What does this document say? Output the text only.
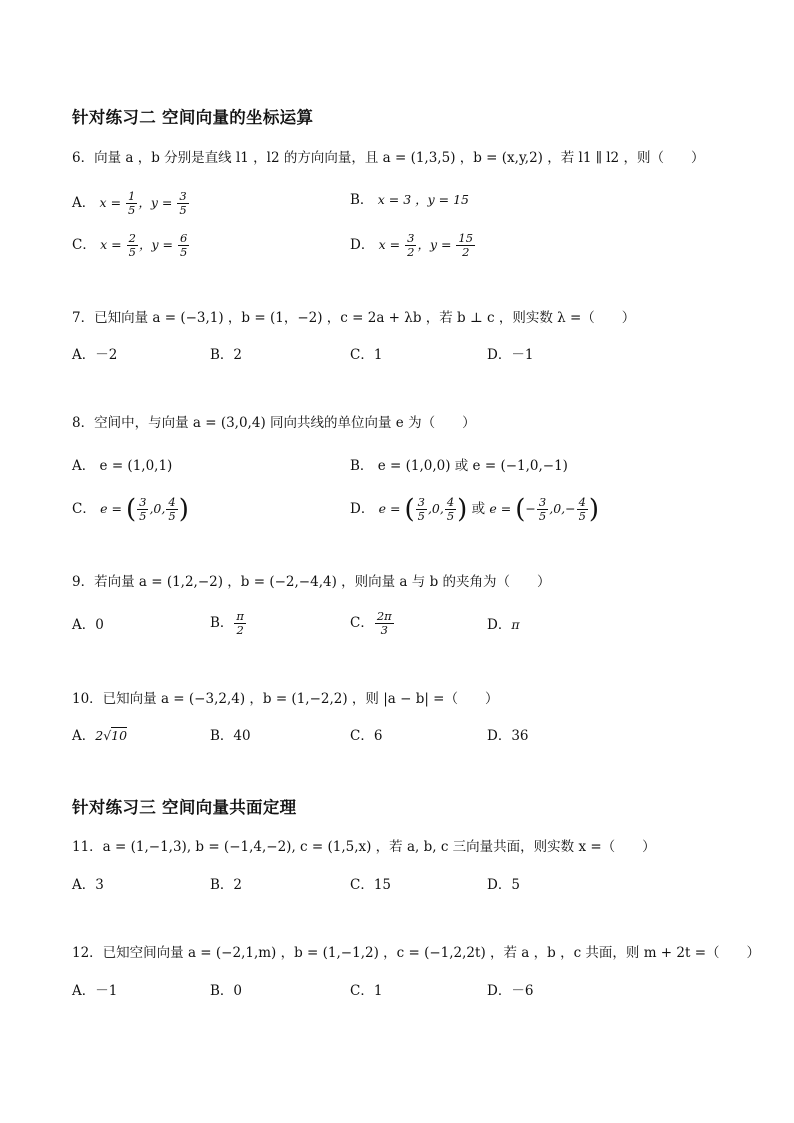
针对练习二 空间向量的坐标运算
6．向量 a ，b 分别是直线 l1 ，l2 的方向向量，且 a = (1,3,5) ，b = (x,y,2) ，若 l1 ∥ l2 ，则（　　）
A． $x = \frac{1}{5}$ ，$y = \frac{3}{5}$	B． x = 3 ，y = 15
C． $x = \frac{2}{5}$ ，$y = \frac{6}{5}$	D． $x = \frac{3}{2}$ ，$y = \frac{15}{2}$
7．已知向量 a = (−3,1) ，b = (1，−2) ，c = 2a + λb ，若 b ⊥ c ，则实数 λ =（　　）
A．－2	B．2	C．1	D．－1
8．空间中，与向量 a = (3,0,4) 同向共线的单位向量 e 为（　　）
A． e = (1,0,1)	B． e = (1,0,0) 或 e = (−1,0,−1)
C． e = ( $\frac{3}{5} ,0$, $\frac{4}{5}$ )	D． e = ( $\frac{3}{5} ,0$, $\frac{4}{5}$ ) 或 e = (− $\frac{3}{5} ,0,- \frac{4}{5}$ )
9．若向量 a = (1,2,−2) ，b = (−2,−4,4) ，则向量 a 与 b 的夹角为（　　）
A．0	B． $\frac{\pi}{2}$	C． $\frac{2\pi}{3}$	D．π
10．已知向量 a = (−3,2,4) ，b = (1,−2,2) ，则 |a − b| =（　　）
A．2√10	B．40	C．6	D．36
针对练习三 空间向量共面定理
11．a = (1,−1,3), b = (−1,4,−2), c = (1,5,x) ，若 a, b, c 三向量共面，则实数 x =（　　）
A．3	B．2	C．15	D．5
12．已知空间向量 a = (−2,1,m) ，b = (1,−1,2) ，c = (−1,2,2t) ，若 a ，b ，c 共面，则 m + 2t =（　　）
A．－1	B．0	C．1	D．－6
